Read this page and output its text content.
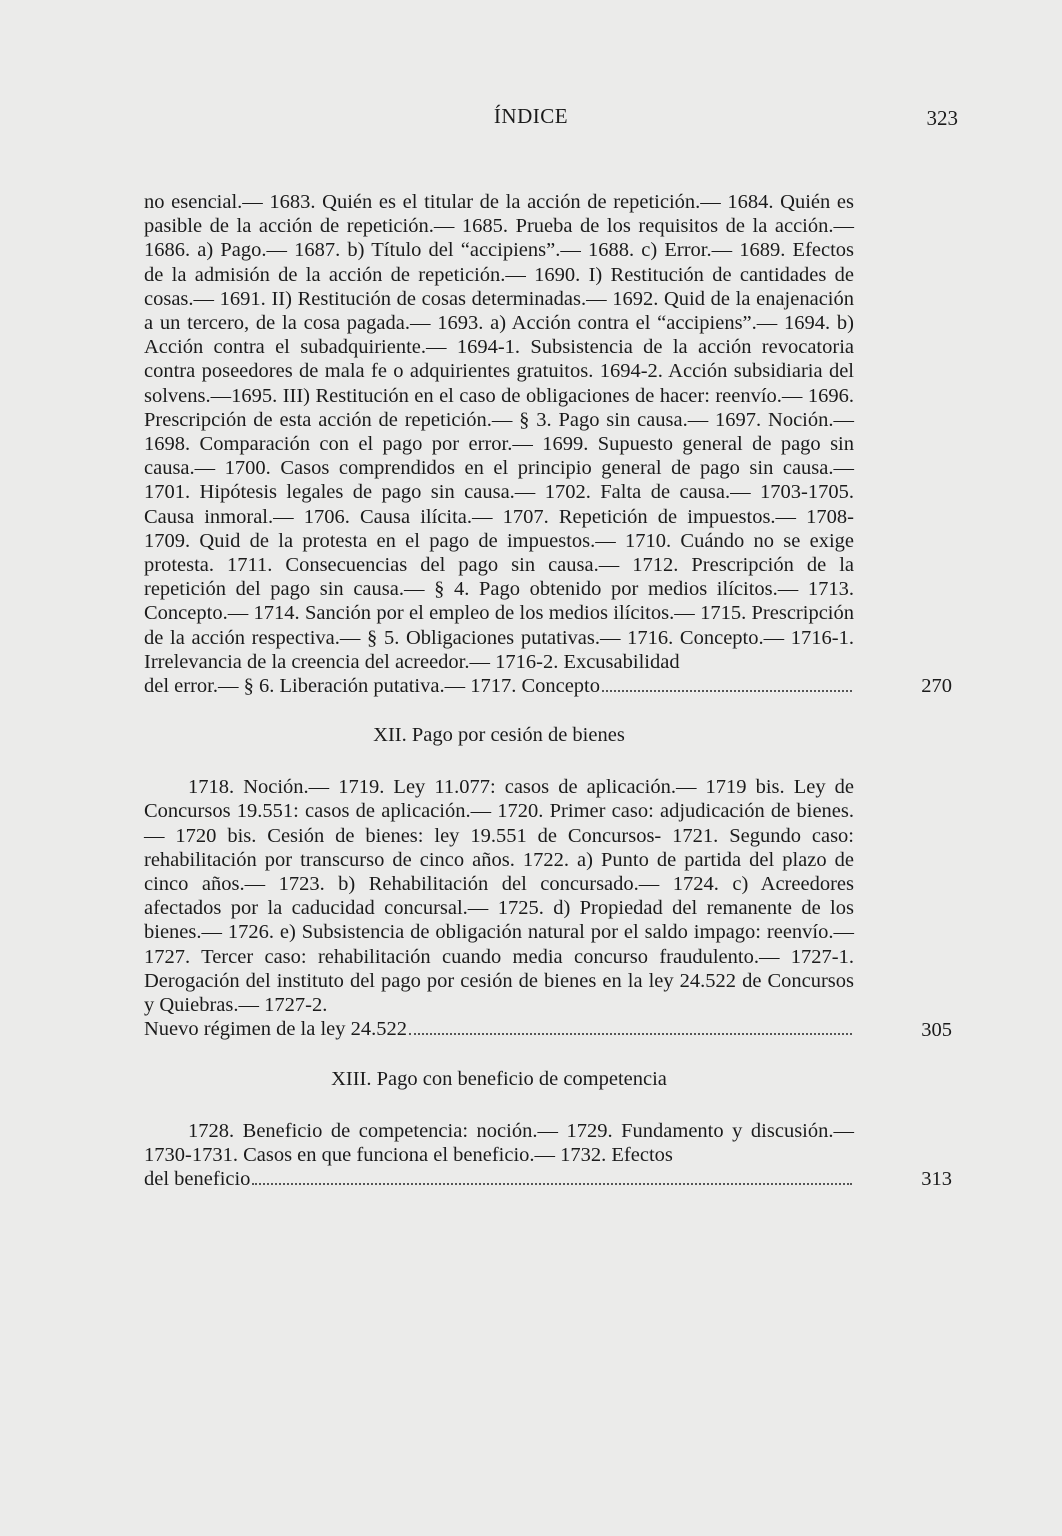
ÍNDICE	323
no esencial.— 1683. Quién es el titular de la acción de repetición.— 1684. Quién es pasible de la acción de repetición.— 1685. Prueba de los requisitos de la acción.— 1686. a) Pago.— 1687. b) Título del “accipiens”.— 1688. c) Error.— 1689. Efectos de la admisión de la acción de repetición.— 1690. I) Restitución de cantidades de cosas.— 1691. II) Restitución de cosas determinadas.— 1692. Quid de la enajenación a un tercero, de la cosa pagada.— 1693. a) Acción contra el “accipiens”.— 1694. b) Acción contra el subadquiriente.— 1694-1. Subsistencia de la acción revocatoria contra poseedores de mala fe o adquirientes gratuitos. 1694-2. Acción subsidiaria del solvens.—1695. III) Restitución en el caso de obligaciones de hacer: reenvío.— 1696. Prescripción de esta acción de repetición.— § 3. Pago sin causa.— 1697. Noción.— 1698. Comparación con el pago por error.— 1699. Supuesto general de pago sin causa.— 1700. Casos comprendidos en el principio general de pago sin causa.— 1701. Hipótesis legales de pago sin causa.— 1702. Falta de causa.— 1703-1705. Causa inmoral.— 1706. Causa ilícita.— 1707. Repetición de impuestos.— 1708-1709. Quid de la protesta en el pago de impuestos.— 1710. Cuándo no se exige protesta. 1711. Consecuencias del pago sin causa.— 1712. Prescripción de la repetición del pago sin causa.— § 4. Pago obtenido por medios ilícitos.— 1713. Concepto.— 1714. Sanción por el empleo de los medios ilícitos.— 1715. Prescripción de la acción respectiva.— § 5. Obligaciones putativas.— 1716. Concepto.— 1716-1. Irrelevancia de la creencia del acreedor.— 1716-2. Excusabilidad
del error.— § 6. Liberación putativa.— 1717. Concepto	270
XII. Pago por cesión de bienes
1718. Noción.— 1719. Ley 11.077: casos de aplicación.— 1719 bis. Ley de Concursos 19.551: casos de aplicación.— 1720. Primer caso: adjudicación de bienes.— 1720 bis. Cesión de bienes: ley 19.551 de Concursos- 1721. Segundo caso: rehabilitación por transcurso de cinco años. 1722. a) Punto de partida del plazo de cinco años.— 1723. b) Rehabilitación del concursado.— 1724. c) Acreedores afectados por la caducidad concursal.— 1725. d) Propiedad del remanente de los bienes.— 1726. e) Subsistencia de obligación natural por el saldo impago: reenvío.— 1727. Tercer caso: rehabilitación cuando media concurso fraudulento.— 1727-1. Derogación del instituto del pago por cesión de bienes en la ley 24.522 de Concursos y Quiebras.— 1727-2.
Nuevo régimen de la ley 24.522	305
XIII. Pago con beneficio de competencia
1728. Beneficio de competencia: noción.— 1729. Fundamento y discusión.— 1730-1731. Casos en que funciona el beneficio.— 1732. Efectos
del beneficio	313
